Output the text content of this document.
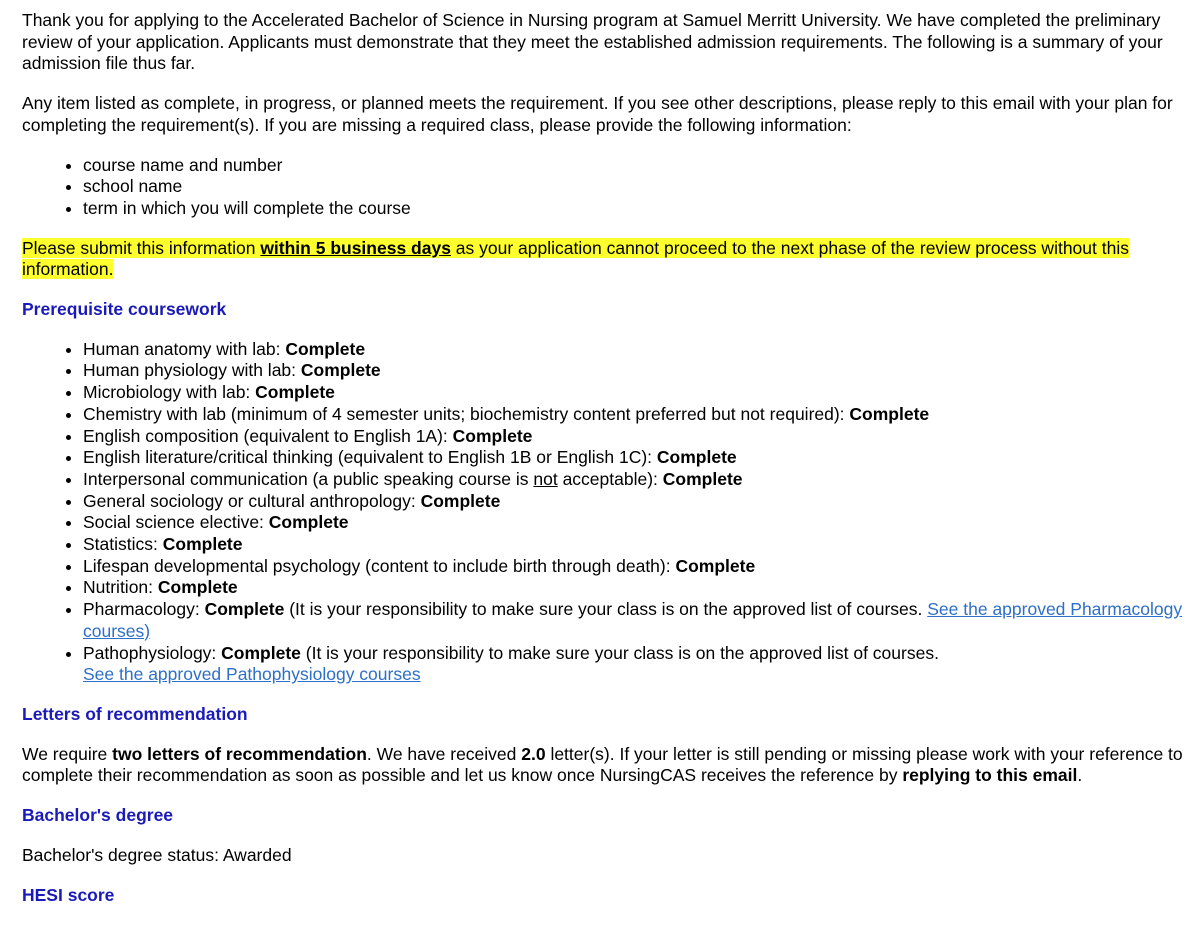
Thank you for applying to the Accelerated Bachelor of Science in Nursing program at Samuel Merritt University. We have completed the preliminary review of your application. Applicants must demonstrate that they meet the established admission requirements. The following is a summary of your admission file thus far.

Any item listed as complete, in progress, or planned meets the requirement. If you see other descriptions, please reply to this email with your plan for completing the requirement(s). If you are missing a required class, please provide the following information:

• course name and number
• school name
• term in which you will complete the course

Please submit this information within 5 business days as your application cannot proceed to the next phase of the review process without this information.

Prerequisite coursework

• Human anatomy with lab: Complete
• Human physiology with lab: Complete
• Microbiology with lab: Complete
• Chemistry with lab (minimum of 4 semester units; biochemistry content preferred but not required): Complete
• English composition (equivalent to English 1A): Complete
• English literature/critical thinking (equivalent to English 1B or English 1C): Complete
• Interpersonal communication (a public speaking course is not acceptable): Complete
• General sociology or cultural anthropology: Complete
• Social science elective: Complete
• Statistics: Complete
• Lifespan developmental psychology (content to include birth through death): Complete
• Nutrition: Complete
• Pharmacology: Complete (It is your responsibility to make sure your class is on the approved list of courses. See the approved Pharmacology courses)
• Pathophysiology: Complete (It is your responsibility to make sure your class is on the approved list of courses.
See the approved Pathophysiology courses

Letters of recommendation

We require two letters of recommendation. We have received 2.0 letter(s). If your letter is still pending or missing please work with your reference to complete their recommendation as soon as possible and let us know once NursingCAS receives the reference by replying to this email.

Bachelor's degree

Bachelor's degree status: Awarded

HESI score
